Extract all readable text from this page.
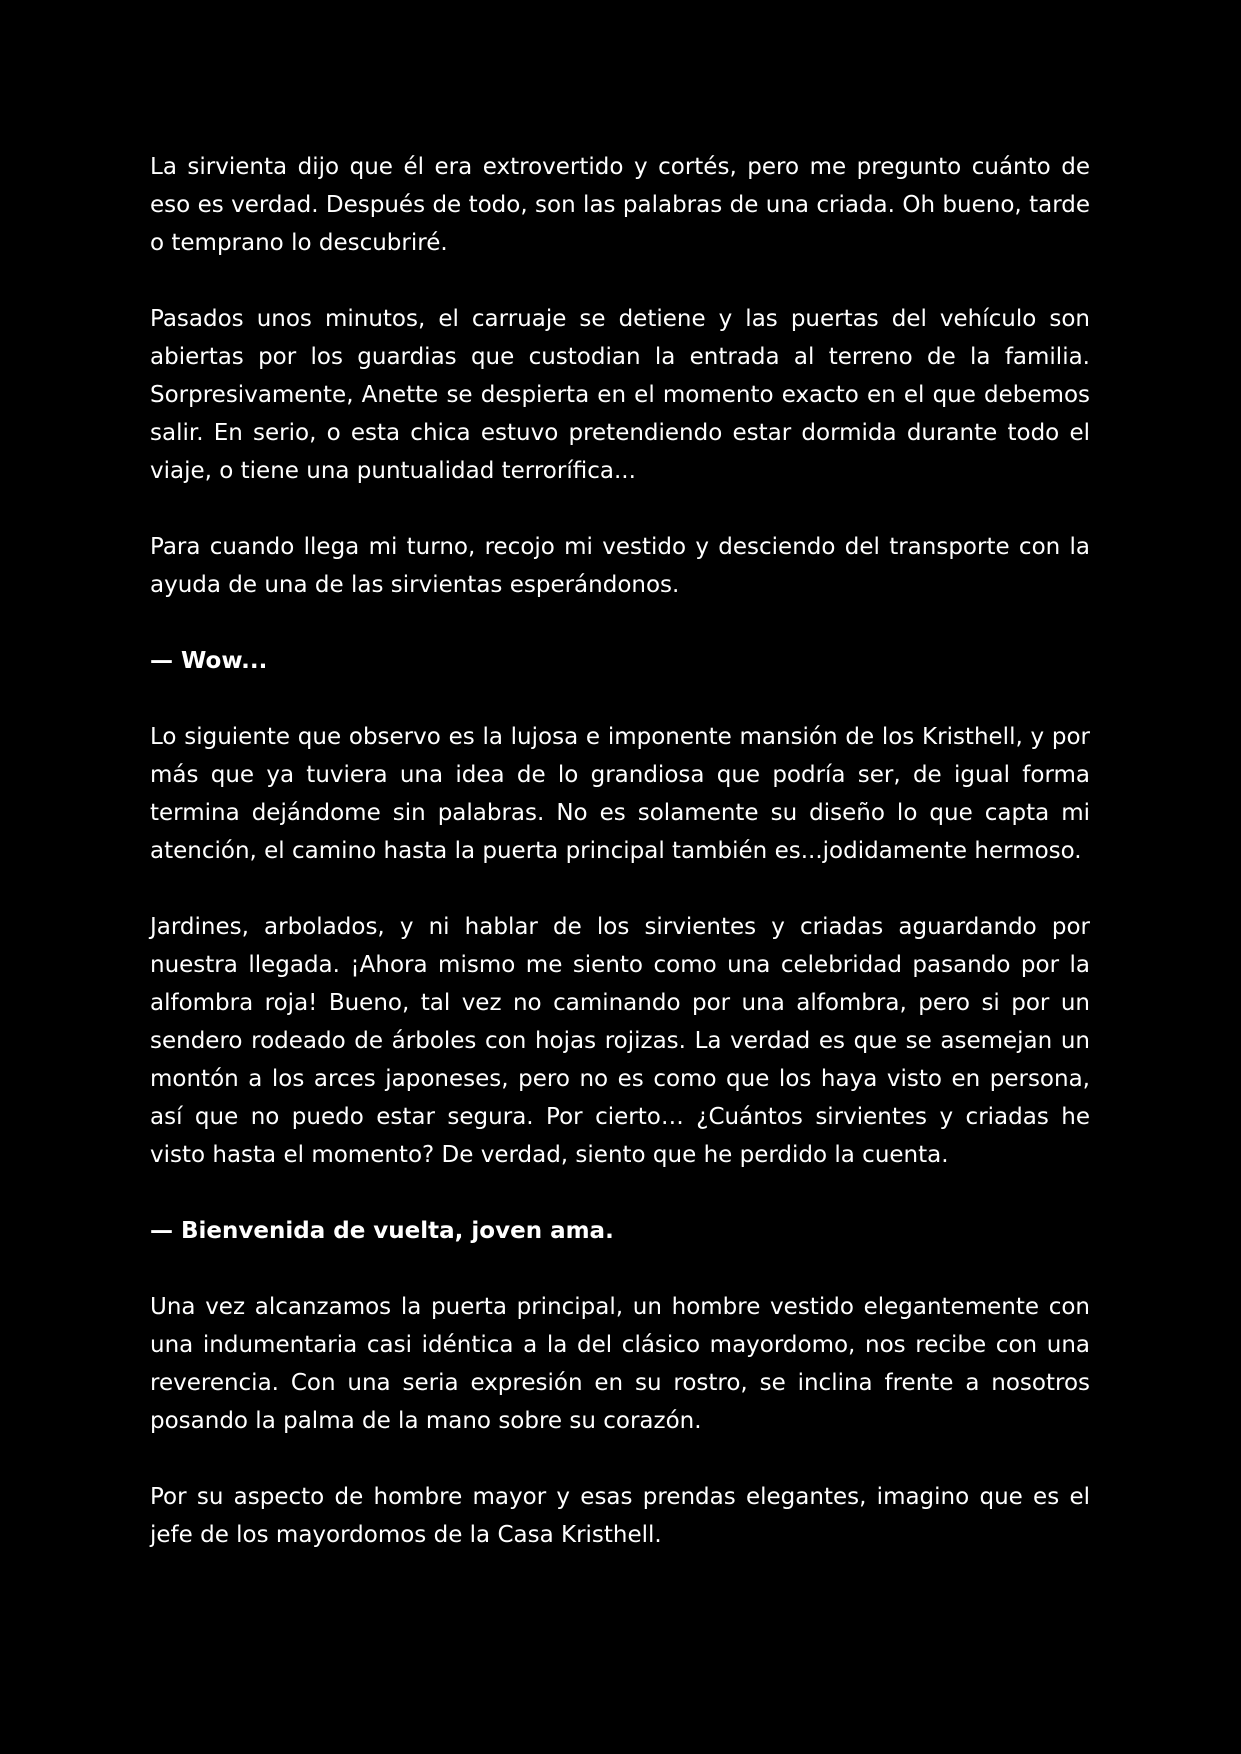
La sirvienta dijo que él era extrovertido y cortés, pero me pregunto cuánto de eso es verdad. Después de todo, son las palabras de una criada. Oh bueno, tarde o temprano lo descubriré.

Pasados unos minutos, el carruaje se detiene y las puertas del vehículo son abiertas por los guardias que custodian la entrada al terreno de la familia. Sorpresivamente, Anette se despierta en el momento exacto en el que debemos salir. En serio, o esta chica estuvo pretendiendo estar dormida durante todo el viaje, o tiene una puntualidad terrorífica...

Para cuando llega mi turno, recojo mi vestido y desciendo del transporte con la ayuda de una de las sirvientas esperándonos.

— Wow...

Lo siguiente que observo es la lujosa e imponente mansión de los Kristhell, y por más que ya tuviera una idea de lo grandiosa que podría ser, de igual forma termina dejándome sin palabras. No es solamente su diseño lo que capta mi atención, el camino hasta la puerta principal también es...jodidamente hermoso.

Jardines, arbolados, y ni hablar de los sirvientes y criadas aguardando por nuestra llegada. ¡Ahora mismo me siento como una celebridad pasando por la alfombra roja! Bueno, tal vez no caminando por una alfombra, pero si por un sendero rodeado de árboles con hojas rojizas. La verdad es que se asemejan un montón a los arces japoneses, pero no es como que los haya visto en persona, así que no puedo estar segura. Por cierto… ¿Cuántos sirvientes y criadas he visto hasta el momento? De verdad, siento que he perdido la cuenta.

— Bienvenida de vuelta, joven ama.

Una vez alcanzamos la puerta principal, un hombre vestido elegantemente con una indumentaria casi idéntica a la del clásico mayordomo, nos recibe con una reverencia. Con una seria expresión en su rostro, se inclina frente a nosotros posando la palma de la mano sobre su corazón.

Por su aspecto de hombre mayor y esas prendas elegantes, imagino que es el jefe de los mayordomos de la Casa Kristhell.
